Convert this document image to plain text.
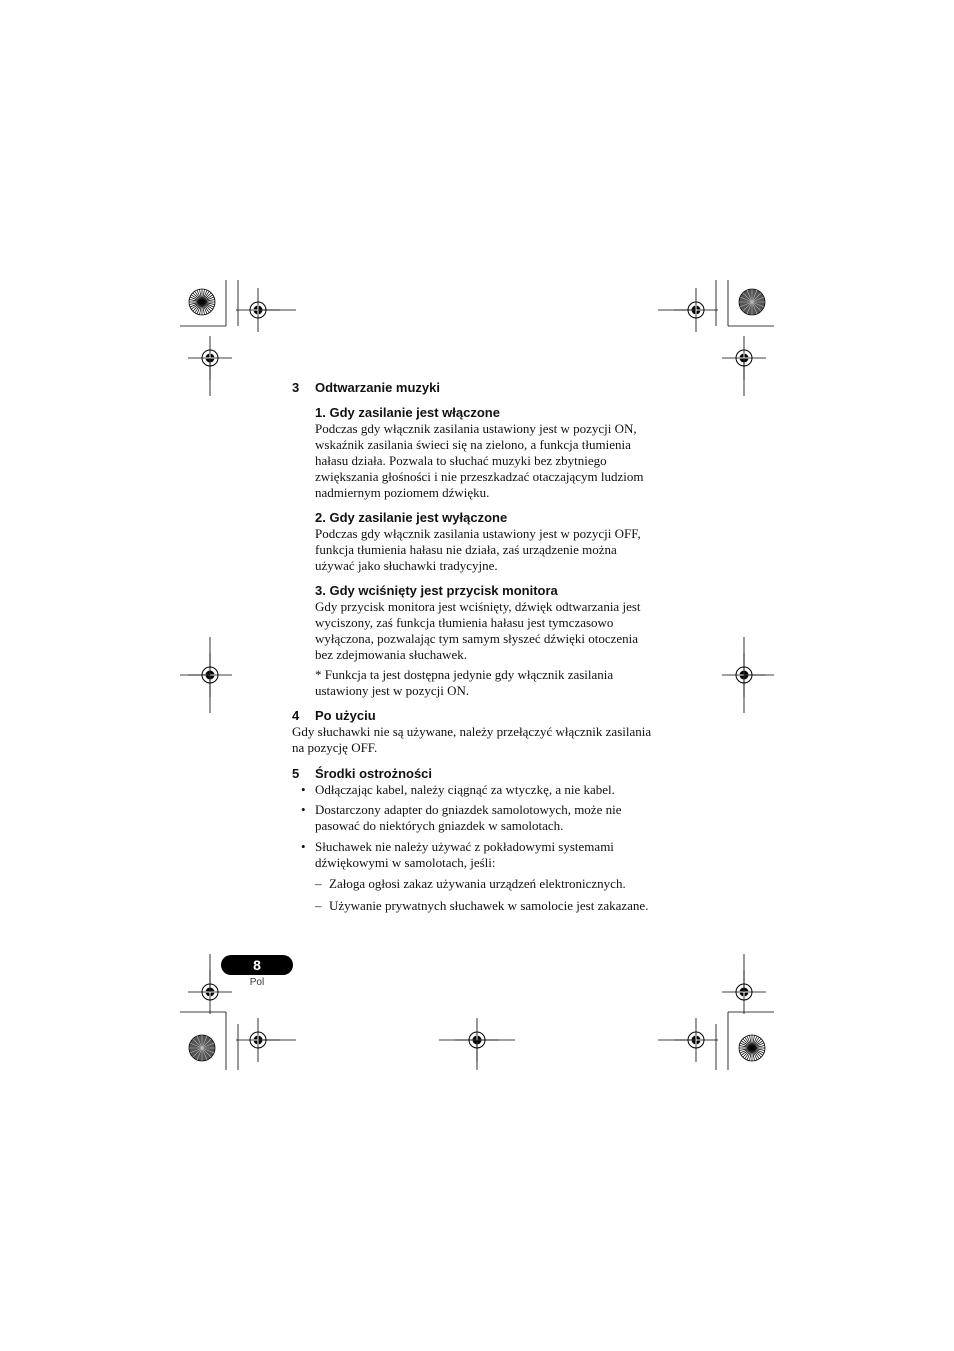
3 Odtwarzanie muzyki

1. Gdy zasilanie jest włączone

Podczas gdy włącznik zasilania ustawiony jest w pozycji ON,
wskaźnik zasilania świeci się na zielono, a funkcja tłumienia
hałasu działa. Pozwala to słuchać muzyki bez zbytniego
zwiększania głośności i nie przeszkadzać otaczającym ludziom
nadmiernym poziomem dźwięku.

2. Gdy zasilanie jest wyłączone

Podczas gdy włącznik zasilania ustawiony jest w pozycji OFF,
funkcja tłumienia hałasu nie działa, zaś urządzenie można
używać jako słuchawki tradycyjne.

3. Gdy wciśnięty jest przycisk monitora

Gdy przycisk monitora jest wciśnięty, dźwięk odtwarzania jest
wyciszony, zaś funkcja tłumienia hałasu jest tymczasowo
wyłączona, pozwalając tym samym słyszeć dźwięki otoczenia
bez zdejmowania słuchawek.

* Funkcja ta jest dostępna jedynie gdy włącznik zasilania
ustawiony jest w pozycji ON.

4 Po użyciu

Gdy słuchawki nie są używane, należy przełączyć włącznik zasilania
na pozycję OFF.

5 Środki ostrożności

• Odłączając kabel, należy ciągnąć za wtyczkę, a nie kabel.
• Dostarczony adapter do gniazdek samolotowych, może nie
pasować do niektórych gniazdek w samolotach.
• Słuchawek nie należy używać z pokładowymi systemami
dźwiękowymi w samolotach, jeśli:
– Załoga ogłosi zakaz używania urządzeń elektronicznych.
– Używanie prywatnych słuchawek w samolocie jest zakazane.
8
Pol
